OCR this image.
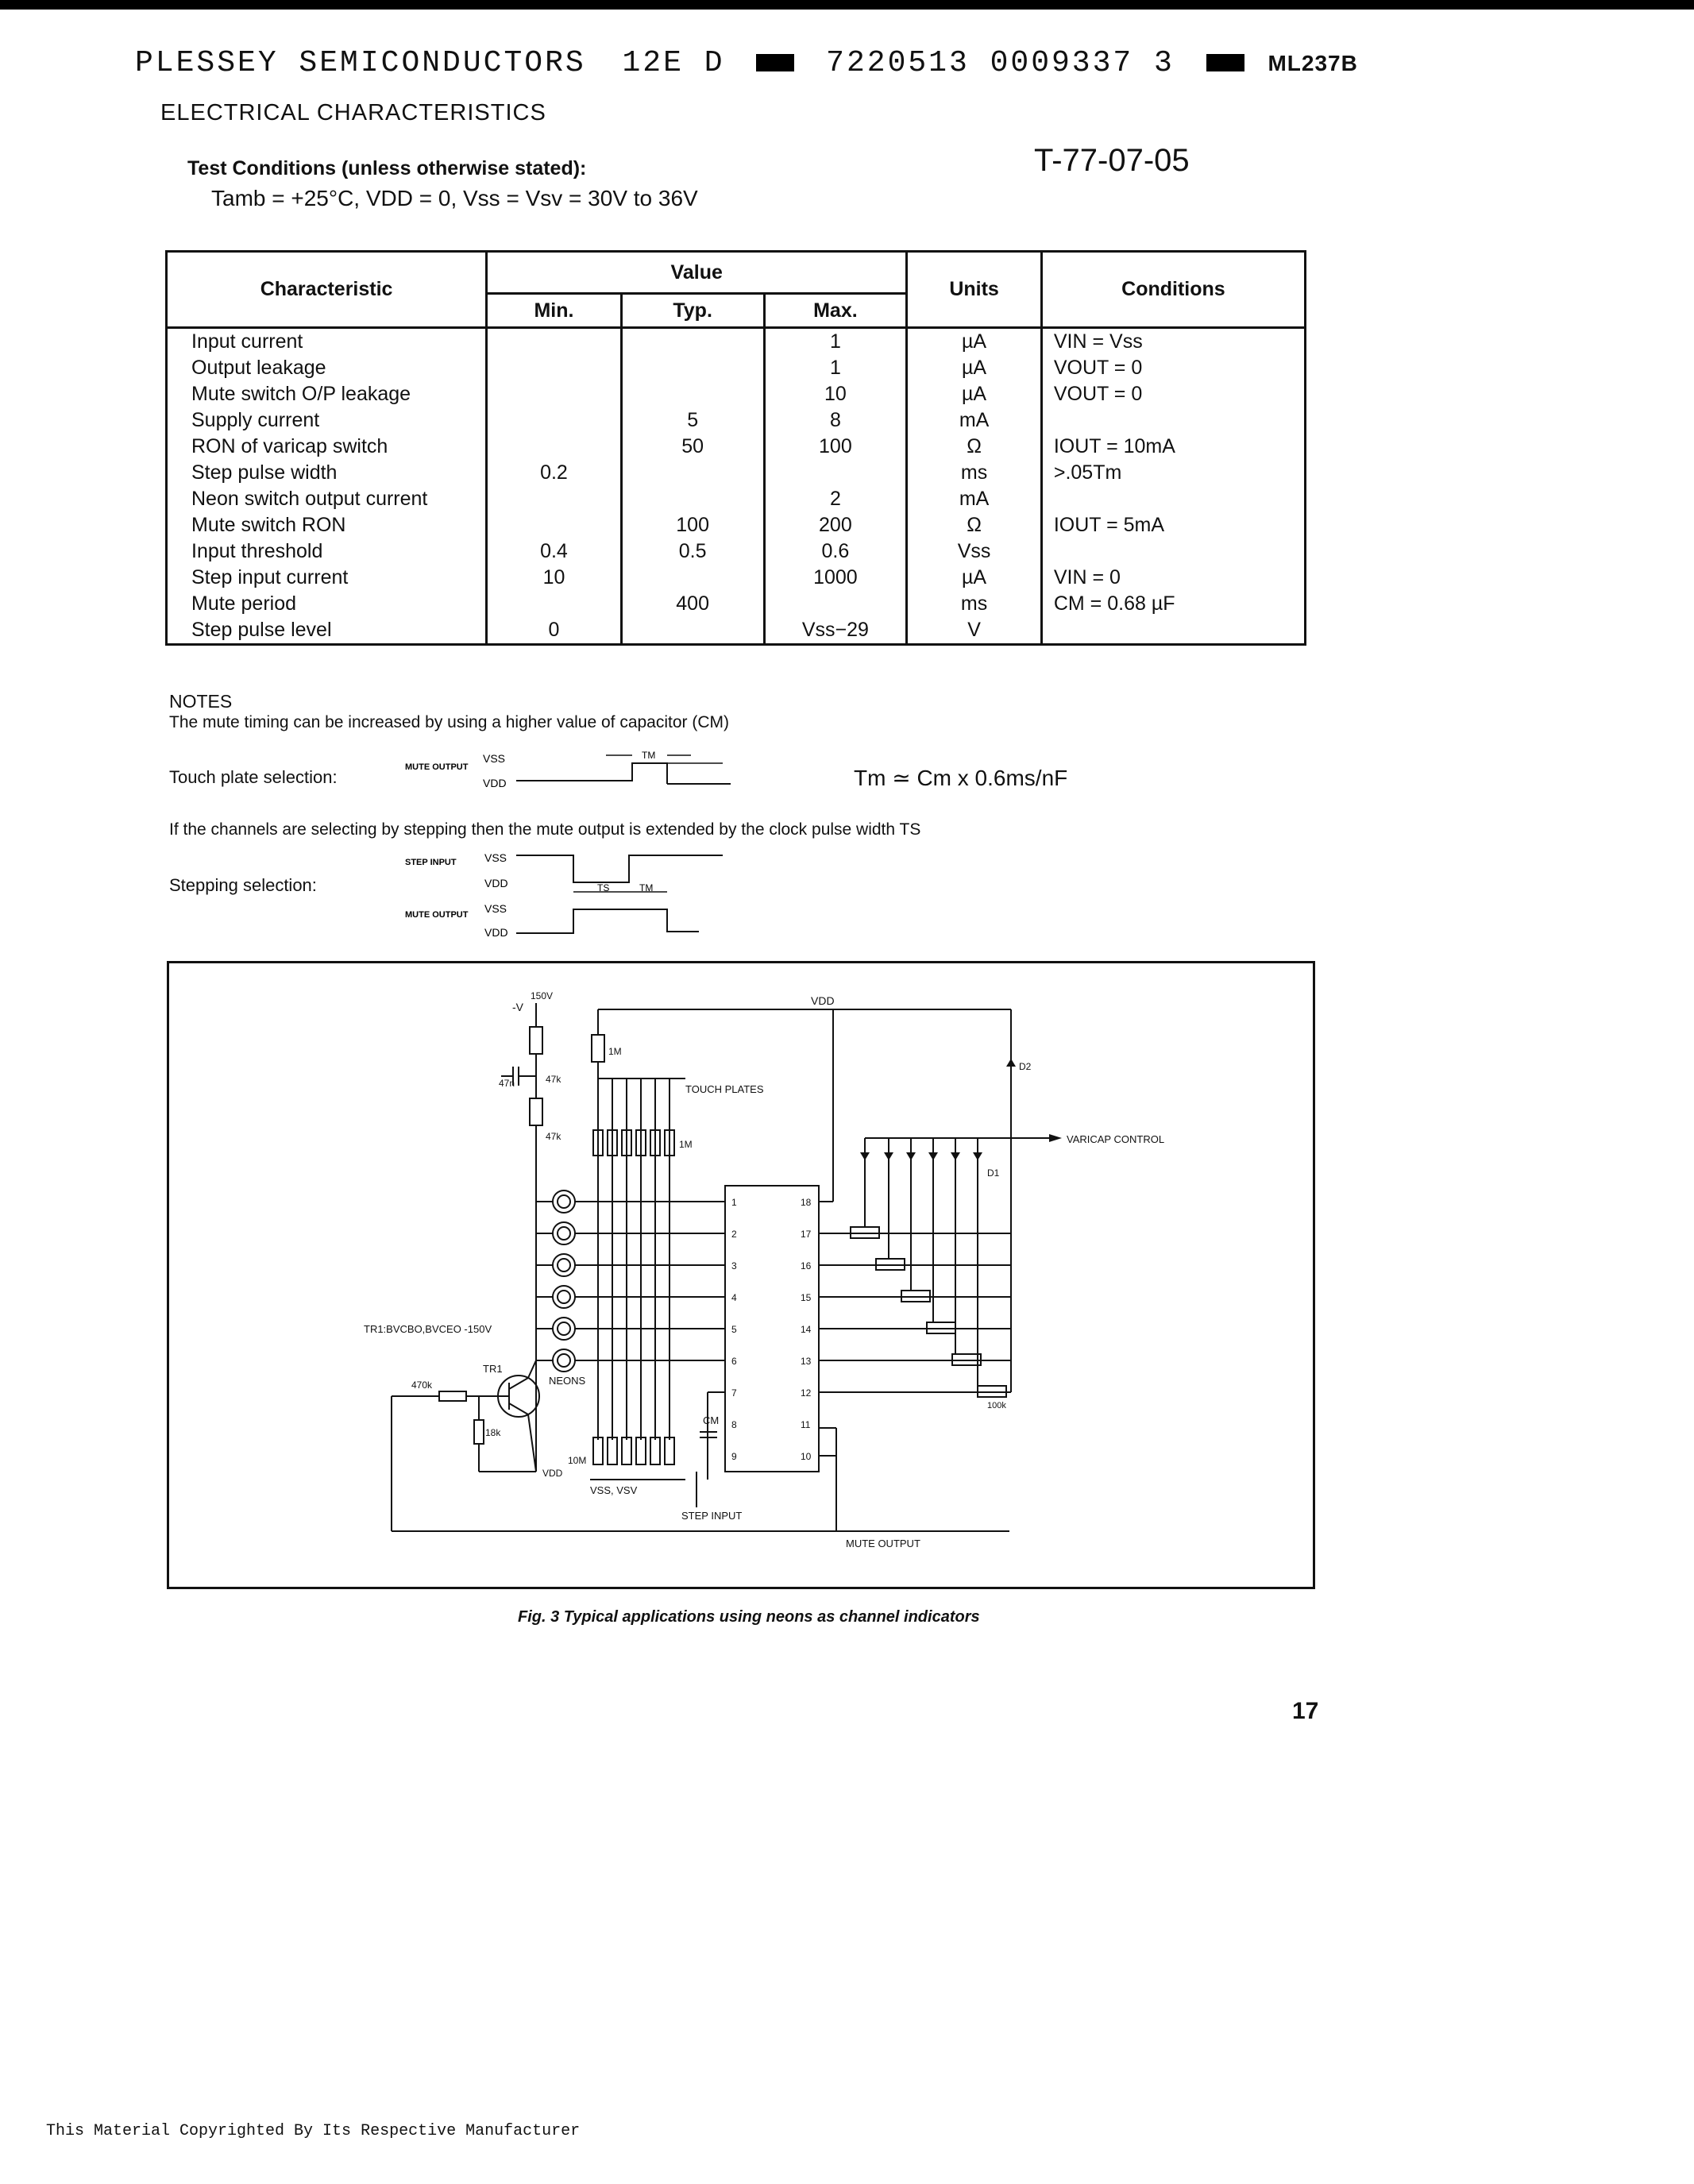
PLESSEY SEMICONDUCTORS 12E D	7220513 0009337 3	ML237B
ELECTRICAL CHARACTERISTICS
T-77-07-05
Test Conditions (unless otherwise stated):
Tamb = +25°C, VDD = 0, Vss = Vsv = 30V to 36V
Characteristic	Value			Units	Conditions
	Min.	Typ.	Max.		
Input current			1	µA	VIN = Vss
Output leakage			1	µA	VOUT = 0
Mute switch O/P leakage			10	µA	VOUT = 0
Supply current		5	8	mA	
RON of varicap switch		50	100	Ω	IOUT = 10mA
Step pulse width	0.2			ms	>.05Tm
Neon switch output current			2	mA	
Mute switch RON		100	200	Ω	IOUT = 5mA
Input threshold	0.4	0.5	0.6	Vss	
Step input current	10		1000	µA	VIN = 0
Mute period		400		ms	CM = 0.68 µF
Step pulse level	0		Vss−29	V	
NOTES
The mute timing can be increased by using a higher value of capacitor (CM)
Touch plate selection:	Tm ≃ Cm x 0.6ms/nF
If the channels are selecting by stepping then the mute output is extended by the clock pulse width TS
Stepping selection:
MUTE OUTPUT
VSS
VDD
TM
STEP INPUT	VSS
VDD	TS	TM
MUTE OUTPUT VSS
VDD
VDD
150V
-V
1M
47n	47k
47k
TOUCH PLATES
1M
D2
VARICAP CONTROL
D1
TR1:BVCBO,BVCEO -150V
TR1
NEONS
470k
18k
VDD
10M
VSS, VSV
CM
STEP INPUT
MUTE OUTPUT
100k
1
2
3
4
5
6
7
8
9
18
17
16
15
14
13
12
11
10
Fig. 3 Typical applications using neons as channel indicators
17
This Material Copyrighted By Its Respective Manufacturer
